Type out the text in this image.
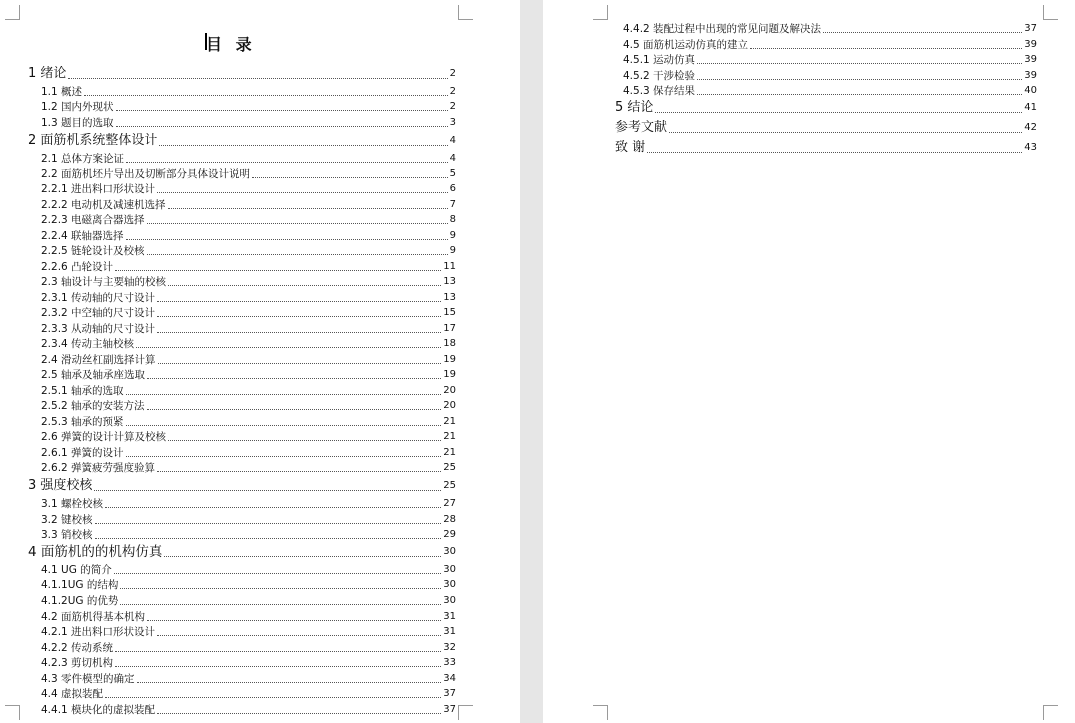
目 录
1 绪论	2
1.1 概述	2
1.2 国内外现状	2
1.3 题目的选取	3
2 面筋机系统整体设计	4
2.1 总体方案论证	4
2.2 面筋机坯片导出及切断部分具体设计说明	5
2.2.1 进出料口形状设计	6
2.2.2 电动机及减速机选择	7
2.2.3 电磁离合器选择	8
2.2.4 联轴器选择	9
2.2.5 链轮设计及校核	9
2.2.6 凸轮设计	11
2.3 轴设计与主要轴的校核	13
2.3.1 传动轴的尺寸设计	13
2.3.2 中空轴的尺寸设计	15
2.3.3 从动轴的尺寸设计	17
2.3.4 传动主轴校核	18
2.4 滑动丝杠副选择计算	19
2.5 轴承及轴承座选取	19
2.5.1 轴承的选取	20
2.5.2 轴承的安装方法	20
2.5.3 轴承的预紧	21
2.6 弹簧的设计计算及校核	21
2.6.1 弹簧的设计	21
2.6.2 弹簧疲劳强度验算	25
3 强度校核	25
3.1 螺栓校核	27
3.2 键校核	28
3.3 销校核	29
4 面筋机的的机构仿真	30
4.1 UG 的简介	30
4.1.1UG 的结构	30
4.1.2UG 的优势	30
4.2 面筋机得基本机构	31
4.2.1 进出料口形状设计	31
4.2.2 传动系统	32
4.2.3 剪切机构	33
4.3 零件模型的确定	34
4.4 虚拟装配	37
4.4.1 模块化的虚拟装配	37
4.4.2 装配过程中出现的常见问题及解决法	37
4.5 面筋机运动仿真的建立	39
4.5.1 运动仿真	39
4.5.2 干涉检验	39
4.5.3 保存结果	40
5 结论	41
参考文献	42
致 谢	43
